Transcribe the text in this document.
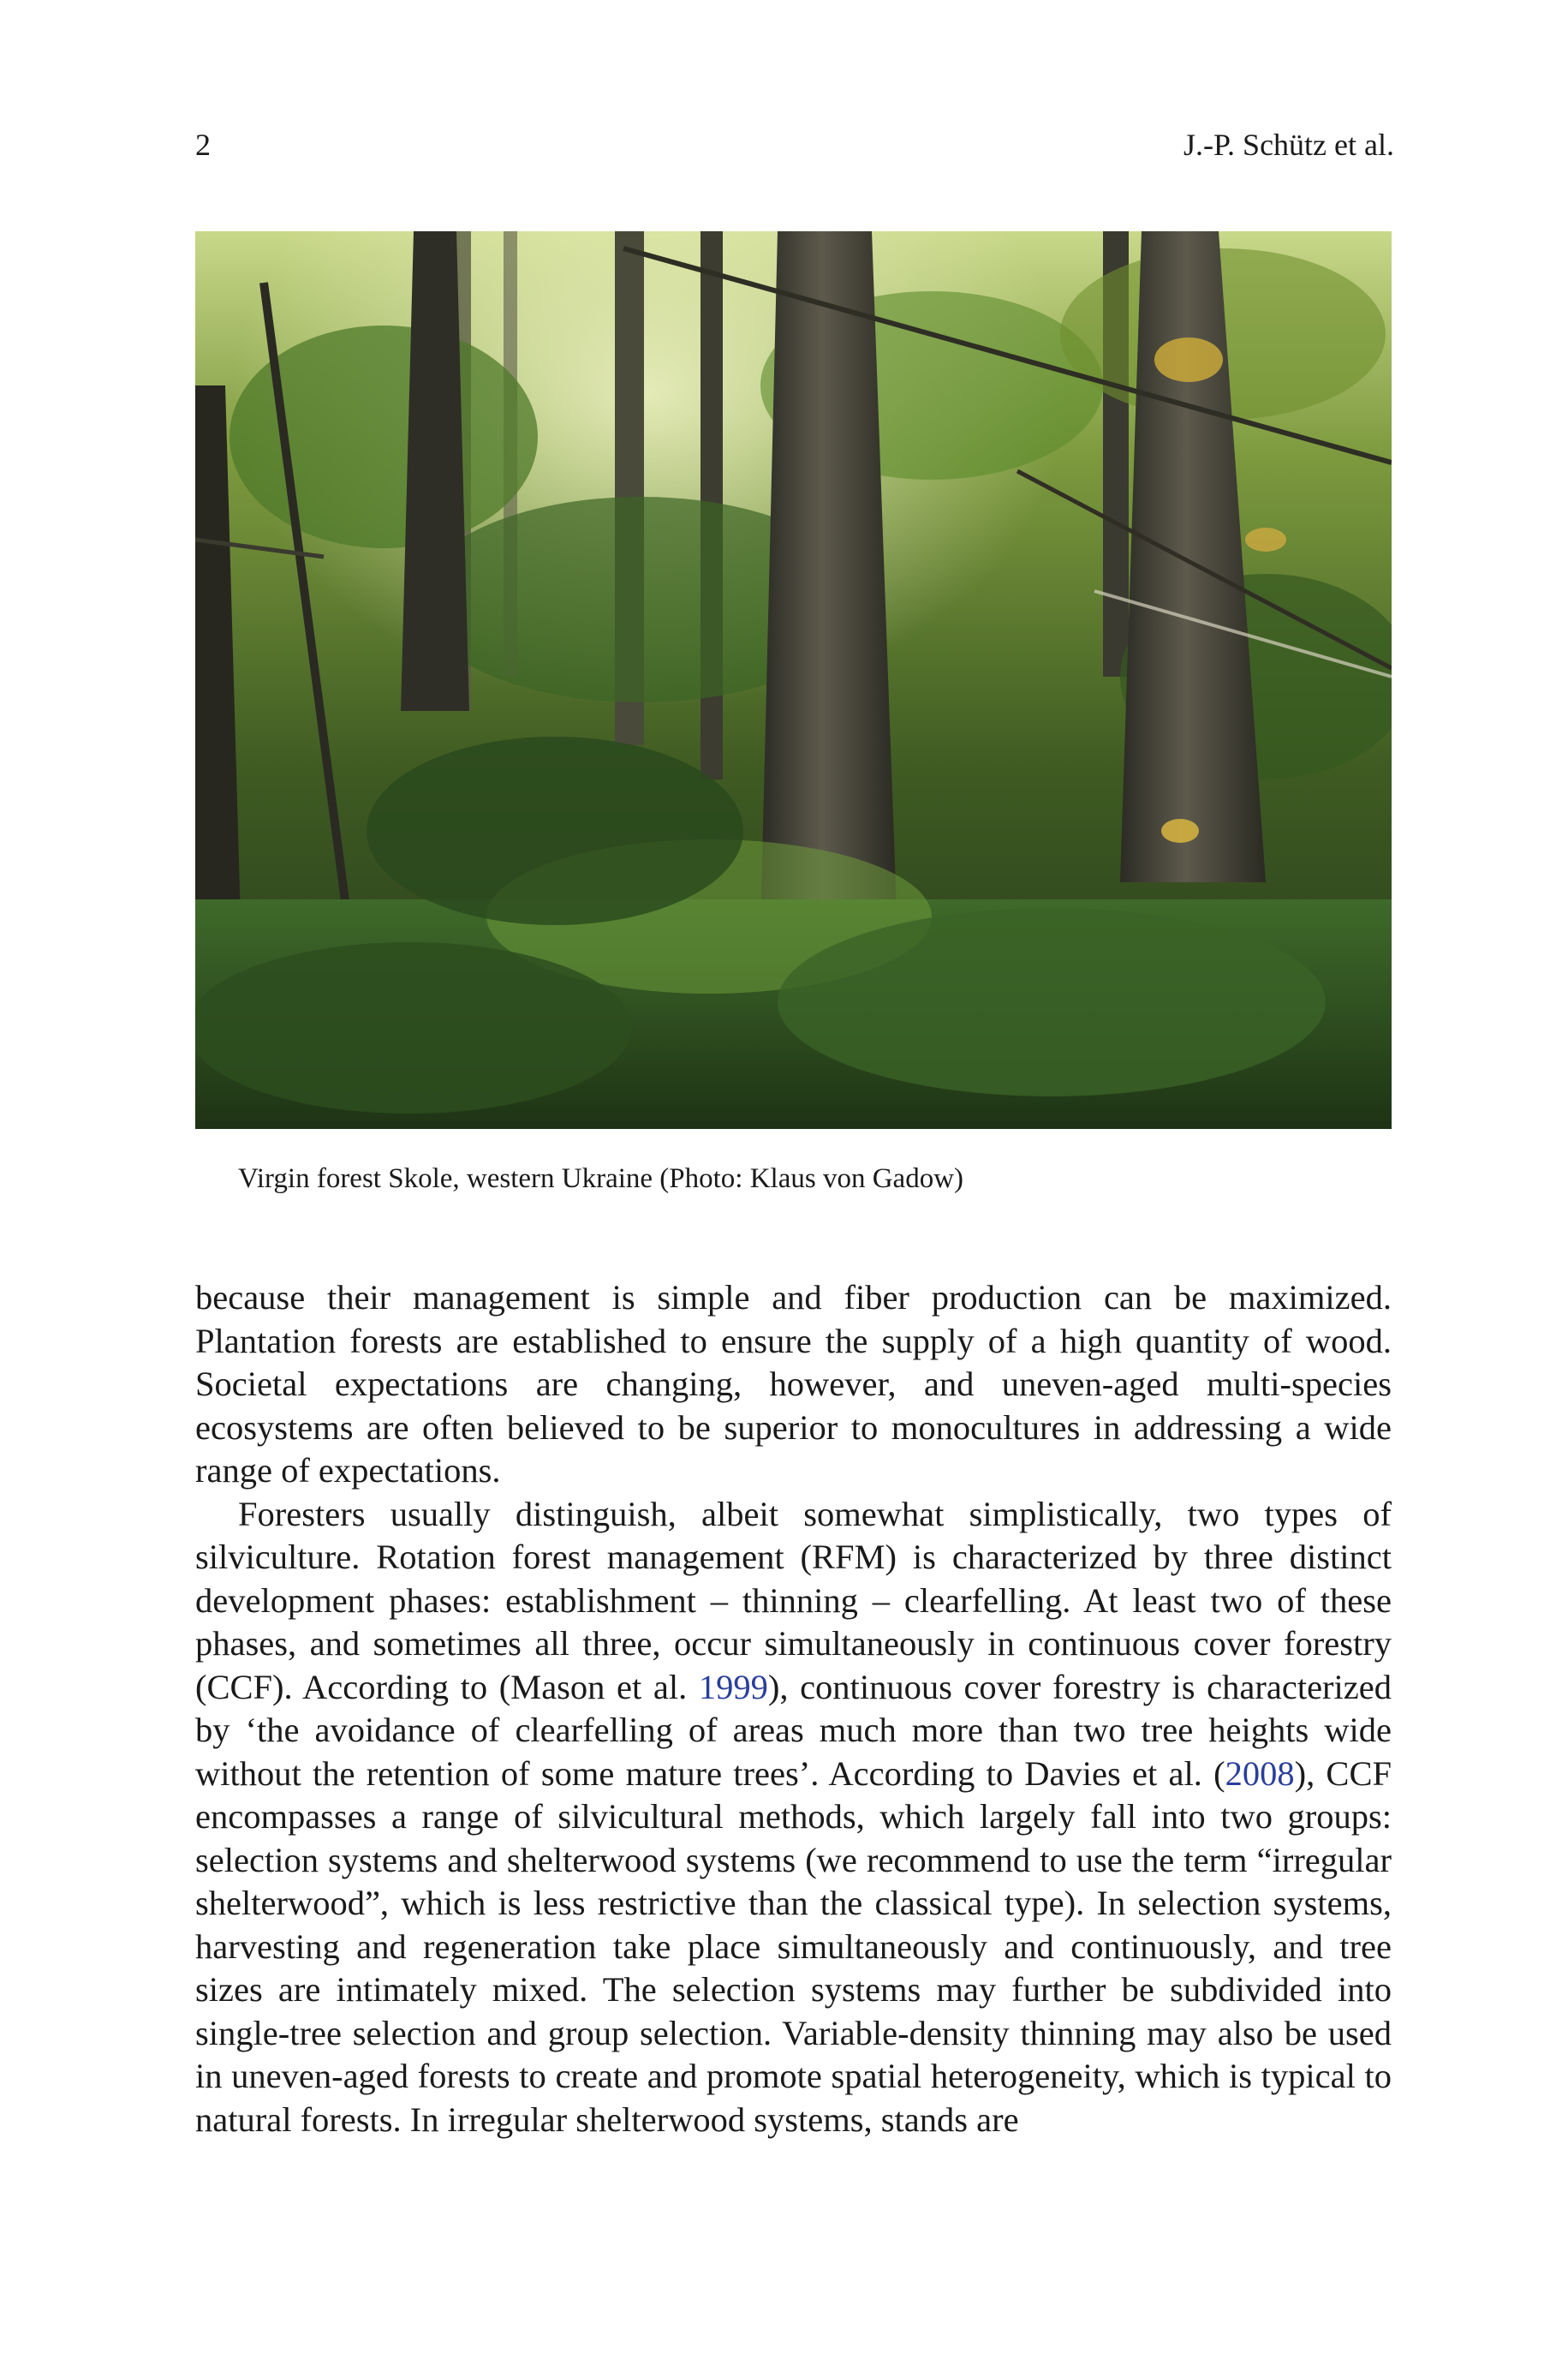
2	J.-P. Schütz et al.
Virgin forest Skole, western Ukraine (Photo: Klaus von Gadow)

because their management is simple and fiber production can be maximized. Plantation forests are established to ensure the supply of a high quantity of wood. Societal expectations are changing, however, and uneven-aged multi-species ecosystems are often believed to be superior to monocultures in addressing a wide range of expectations.

Foresters usually distinguish, albeit somewhat simplistically, two types of silviculture. Rotation forest management (RFM) is characterized by three distinct development phases: establishment – thinning – clearfelling. At least two of these phases, and sometimes all three, occur simultaneously in continuous cover forestry (CCF). According to (Mason et al. 1999), continuous cover forestry is characterized by ‘the avoidance of clearfelling of areas much more than two tree heights wide without the retention of some mature trees’. According to Davies et al. (2008), CCF encompasses a range of silvicultural methods, which largely fall into two groups: selection systems and shelterwood systems (we recommend to use the term “irregular shelterwood”, which is less restrictive than the classical type). In selection systems, harvesting and regeneration take place simultaneously and continuously, and tree sizes are intimately mixed. The selection systems may further be subdivided into single-tree selection and group selection. Variable-density thinning may also be used in uneven-aged forests to create and promote spatial heterogeneity, which is typical to natural forests. In irregular shelterwood systems, stands are
